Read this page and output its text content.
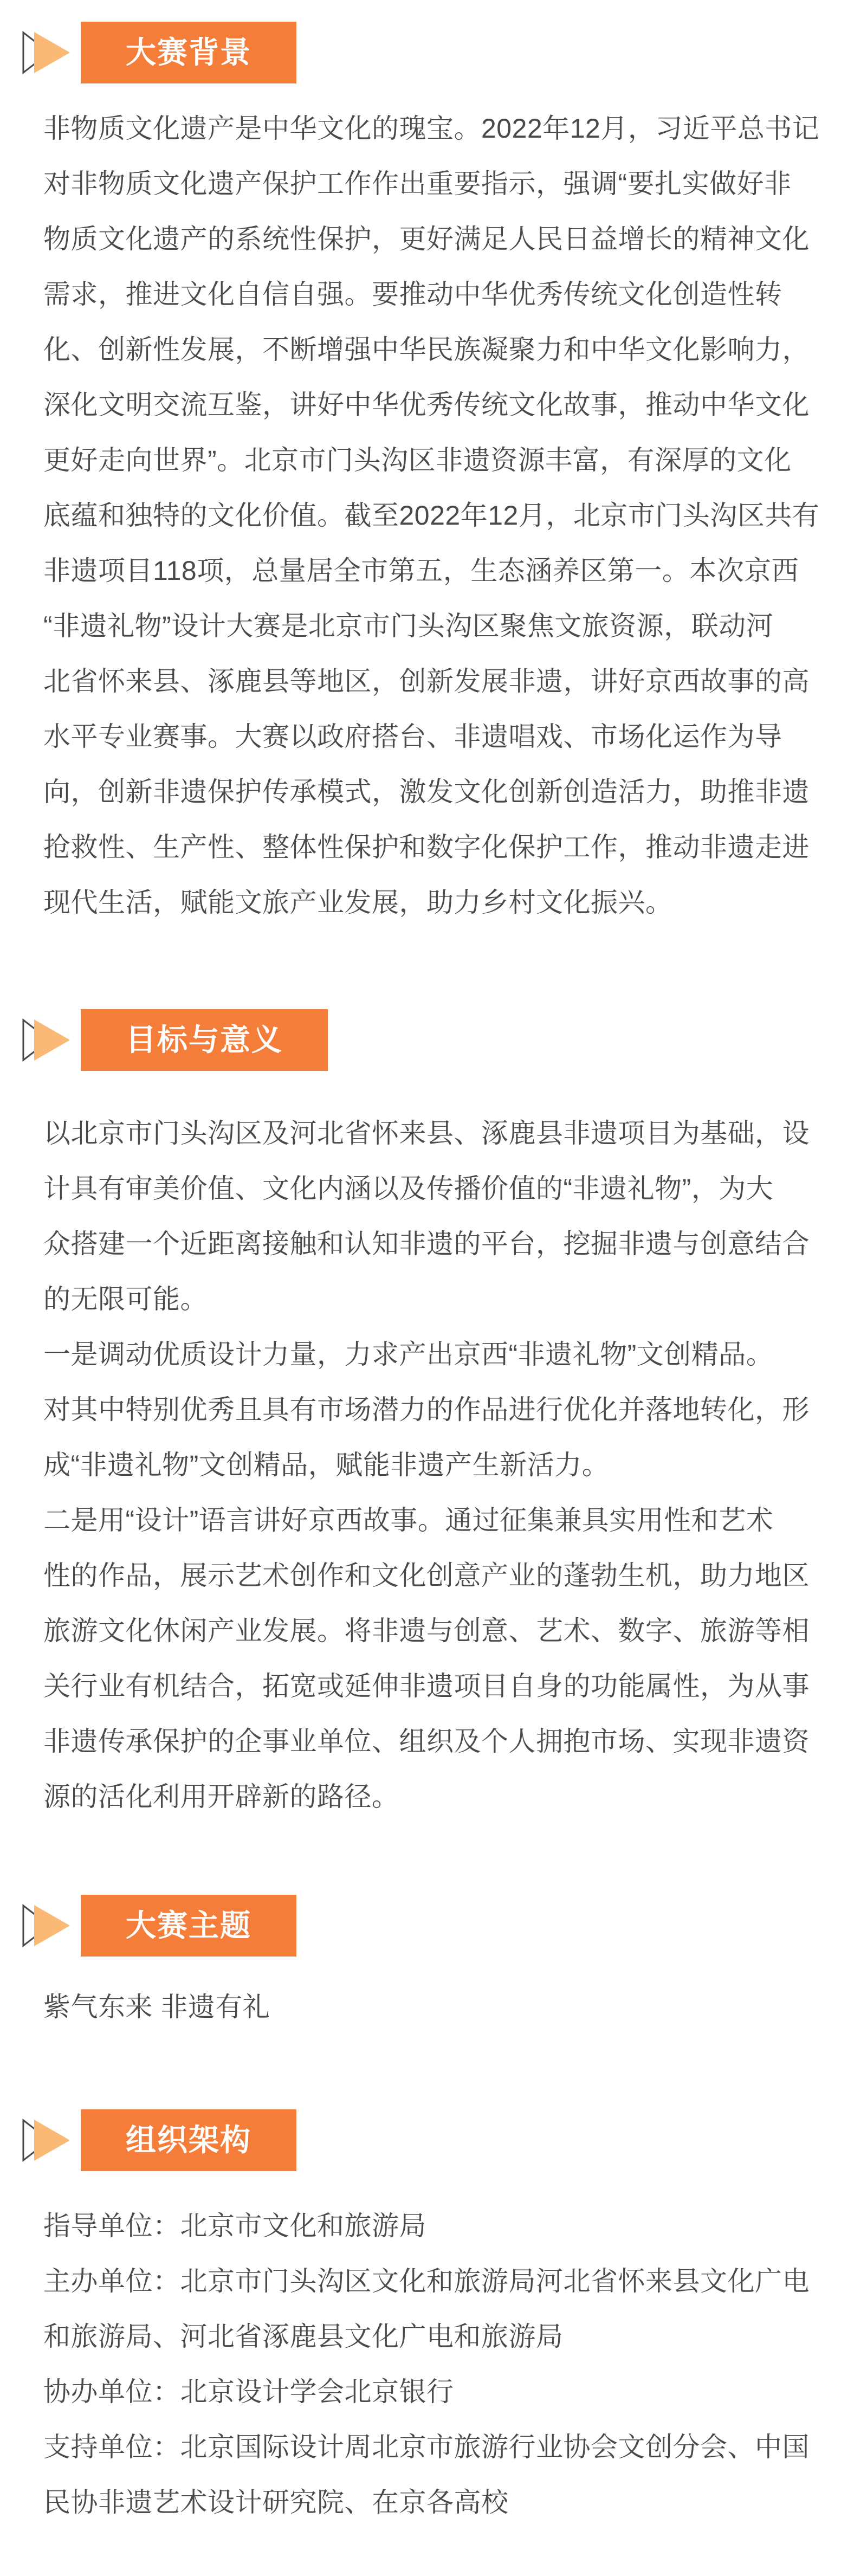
大赛背景
非物质文化遗产是中华文化的瑰宝。2022年12月，习近平总书记
对非物质文化遗产保护工作作出重要指示，强调“要扎实做好非
物质文化遗产的系统性保护，更好满足人民日益增长的精神文化
需求，推进文化自信自强。要推动中华优秀传统文化创造性转
化、创新性发展，不断增强中华民族凝聚力和中华文化影响力，
深化文明交流互鉴，讲好中华优秀传统文化故事，推动中华文化
更好走向世界”。北京市门头沟区非遗资源丰富，有深厚的文化
底蕴和独特的文化价值。截至2022年12月，北京市门头沟区共有
非遗项目118项，总量居全市第五，生态涵养区第一。本次京西
“非遗礼物”设计大赛是北京市门头沟区聚焦文旅资源，联动河
北省怀来县、涿鹿县等地区，创新发展非遗，讲好京西故事的高
水平专业赛事。大赛以政府搭台、非遗唱戏、市场化运作为导
向，创新非遗保护传承模式，激发文化创新创造活力，助推非遗
抢救性、生产性、整体性保护和数字化保护工作，推动非遗走进
现代生活，赋能文旅产业发展，助力乡村文化振兴。
目标与意义
以北京市门头沟区及河北省怀来县、涿鹿县非遗项目为基础，设
计具有审美价值、文化内涵以及传播价值的“非遗礼物”，为大
众搭建一个近距离接触和认知非遗的平台，挖掘非遗与创意结合
的无限可能。
一是调动优质设计力量，力求产出京西“非遗礼物”文创精品。
对其中特别优秀且具有市场潜力的作品进行优化并落地转化，形
成“非遗礼物”文创精品，赋能非遗产生新活力。
二是用“设计”语言讲好京西故事。通过征集兼具实用性和艺术
性的作品，展示艺术创作和文化创意产业的蓬勃生机，助力地区
旅游文化休闲产业发展。将非遗与创意、艺术、数字、旅游等相
关行业有机结合，拓宽或延伸非遗项目自身的功能属性，为从事
非遗传承保护的企事业单位、组织及个人拥抱市场、实现非遗资
源的活化利用开辟新的路径。
大赛主题
紫气东来 非遗有礼
组织架构
指导单位：北京市文化和旅游局
主办单位：北京市门头沟区文化和旅游局河北省怀来县文化广电
和旅游局、河北省涿鹿县文化广电和旅游局
协办单位：北京设计学会北京银行
支持单位：北京国际设计周北京市旅游行业协会文创分会、中国
民协非遗艺术设计研究院、在京各高校
